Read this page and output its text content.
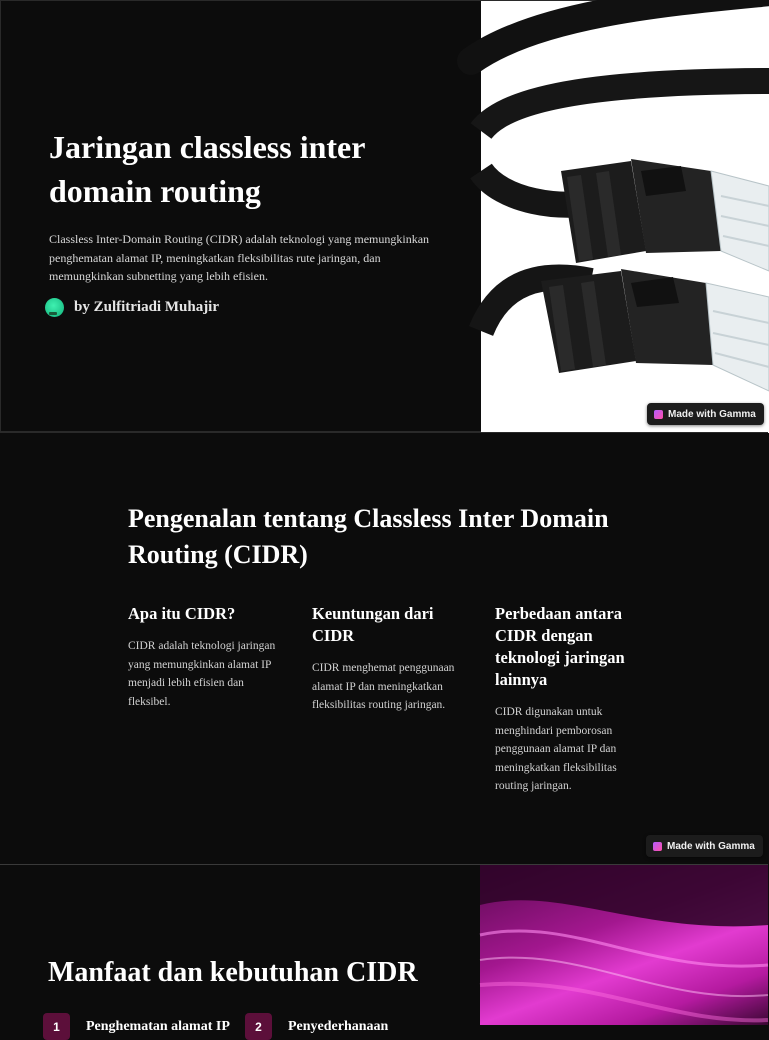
Jaringan classless inter domain routing

Classless Inter-Domain Routing (CIDR) adalah teknologi yang memungkinkan penghematan alamat IP, meningkatkan fleksibilitas rute jaringan, dan memungkinkan subnetting yang lebih efisien.

by Zulfitriadi Muhajir
Made with Gamma
Pengenalan tentang Classless Inter Domain Routing (CIDR)
Apa itu CIDR?

CIDR adalah teknologi jaringan yang memungkinkan alamat IP menjadi lebih efisien dan fleksibel.

Keuntungan dari CIDR

CIDR menghemat penggunaan alamat IP dan meningkatkan fleksibilitas routing jaringan.

Perbedaan antara CIDR dengan teknologi jaringan lainnya

CIDR digunakan untuk menghindari pemborosan penggunaan alamat IP dan meningkatkan fleksibilitas routing jaringan.

Made with Gamma
Manfaat dan kebutuhan CIDR
1	Penghematan alamat IP	2	Penyederhanaan
